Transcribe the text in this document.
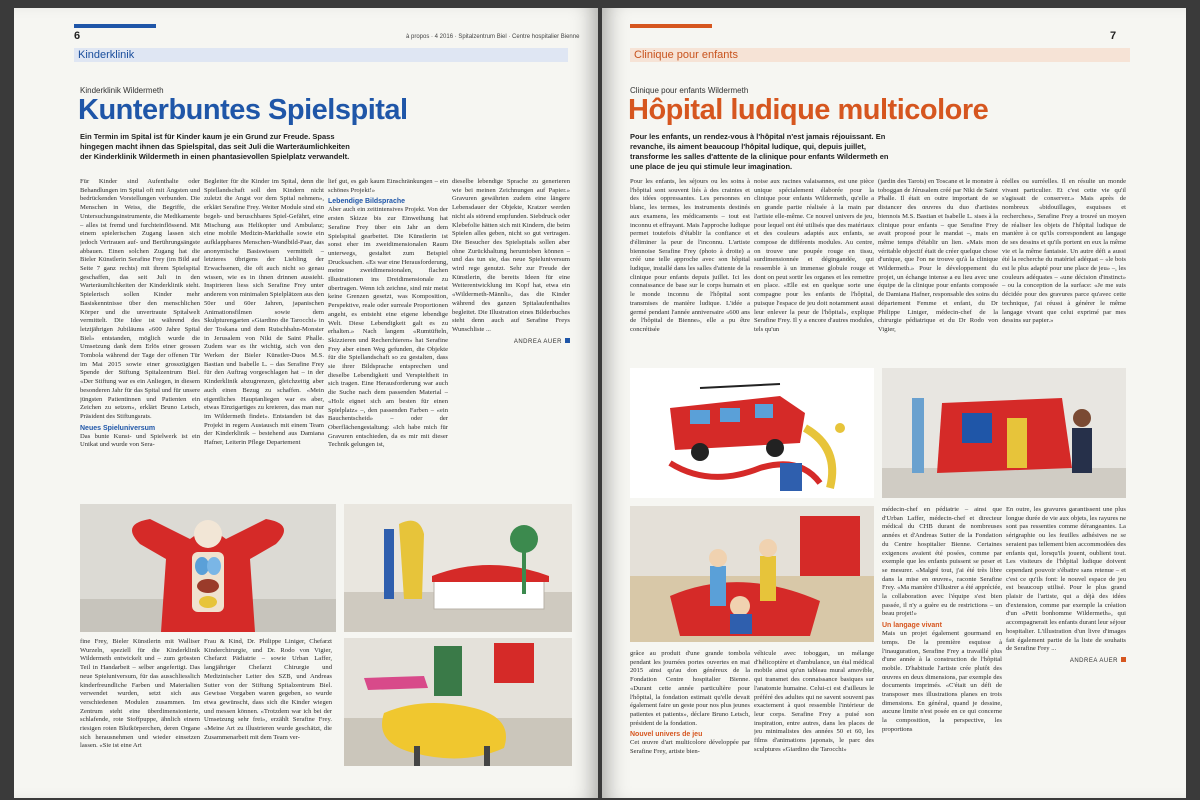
6	à propos · 4 2016 · Spitalzentrum Biel · Centre hospitalier Bienne
Kinderklinik
Kinderklinik Wildermeth
Kunterbuntes Spielspital
Ein Termin im Spital ist für Kinder kaum je ein Grund zur Freude. Spass hingegen macht ihnen das Spielspital, das seit Juli die Warteräumlichkeiten der Kinderklinik Wildermeth in einen phantasievollen Spielplatz verwandelt.
Für Kinder sind Aufenthalte oder Behandlungen im Spital oft mit Ängsten und bedrückenden Vorstellungen verbunden. Die Menschen in Weiss, die Begriffe, die Untersuchungsinstrumente, die Medikamente – alles ist fremd und furchteinflössend. Mit einem spielerischen Zugang lassen sich jedoch Vertrauen auf- und Berührungsängste abbauen. Einen solchen Zugang hat die Bieler Künstlerin Serafine Frey (im Bild auf Seite 7 ganz rechts) mit ihrem Spielspital geschaffen, das seit Juli in den Warteräumlichkeiten der Kinderklinik steht. Spielerisch sollen Kinder mehr Basiskenntnisse über den menschlichen Körper und die unvertraute Spitalwelt vermittelt. Die Idee ist während des letztjährigen Jubiläums «600 Jahre Spital Biel» entstanden, möglich wurde die Umsetzung dank dem Erlös einer grossen Tombola während der Tage der offenen Tür im Mai 2015 sowie einer grosszügigen Spende der Stiftung Spitalzentrum Biel. «Der Stiftung war es ein Anliegen, in diesem besonderen Jahr für das Spital und für unsere jüngsten Patientinnen und Patienten ein Zeichen zu setzen», erklärt Bruno Letsch, Präsident des Stiftungsrats.
Neues Spieluniversum
Das bunte Kunst- und Spielwerk ist ein Unikat und wurde von Sera-
Begleiter für die Kinder im Spital, denn die Spiellandschaft soll den Kindern nicht zuletzt die Angst vor dem Spital nehmen», erklärt Serafine Frey. Weiter Module sind ein begeh- und beruschbares Spiel-Gefährt, eine Mischung aus Helikopter und Ambulanz; eine mobile Medizin-Markthalle sowie ein aufklappbares Menschen-Wandbild-Paar, das anonymische Basiswissen vermittelt – letzteres übrigens der Liebling der Erwachsenen, die oft auch nicht so genau wissen, wie es in ihnen drinnen aussieht. Inspirieren liess sich Serafine Frey unter anderem von minimalen Spielplätzen aus den 50er und 60er Jahren, japanischen Animationsfilmen sowie dem Skulpturengarten «Giardino die Tarocchi» in der Toskana und dem Rutschbahn-Monster in Jerusalem von Niki de Saint Phalle. Zudem war es ihr wichtig, sich von den Werken der Bieler Künstler-Duos M.S. Bastian und Isabelle L. – das Serafine Frey für den Auftrag vorgeschlagen hat – in der Kinderklinik abzugrenzen, gleichzeitig aber auch einen Bezug zu schaffen. «Mein eigentliches Hauptanliegen war es aber, etwas Einzigartiges zu kreieren, das man nur im Wildermeth findet». Entstanden ist das Projekt in regem Austausch mit einem Team der Kinderklinik – bestehend aus Damiana Hafner, Leiterin Pflege Departement
lief gut, es gab kaum Einschränkungen – ein schönes Projekt!»
Lebendige Bildsprache
Aber auch ein zeitintensives Projekt. Von der ersten Skizze bis zur Einweihung hat Serafine Frey über ein Jahr an dem Spielspital gearbeitet. Die Künstlerin ist sonst eher im zweidimensionalen Raum unterwegs, gestaltet zum Beispiel Drucksachen. «Es war eine Herausforderung, meine zweidimensionalen, flachen Illustrationen ins Dreidimensionale zu übertragen. Wenn ich zeichne, sind mir meist keine Grenzen gesetzt, was Komposition, Perspektive, reale oder surreale Proportionen angeht, es entsteht eine eigene lebendige Welt. Diese Lebendigkeit galt es zu erhalten.» Nach langem «Rumtüfteln, Skizzieren und Recherchieren» hat Serafine Frey aber einen Weg gefunden, die Objekte für die Spiellandschaft so zu gestalten, dass sie ihrer Bildsprache entsprechen und dieselbe Lebendigkeit und Verspieltheit in sich tragen. Eine Herausforderung war auch die Suche nach dem passenden Material – «Holz eignet sich am besten für einen Spielplatz» –, den passenden Farben – «ein Bauchentscheid» – oder der Oberflächengestaltung: «Ich habe mich für Gravuren entschieden, da es mir mit dieser Technik gelungen ist,
dieselbe lebendige Sprache zu generieren wie bei meinen Zeichnungen auf Papier.» Gravuren gewährten zudem eine längere Lebensdauer der Objekte, Kratzer werden nicht als störend empfunden. Siebdruck oder Klebefolie hätten sich mit Kindern, die beim Spielen alles geben, nicht so gut vertragen. Die Besucher des Spielspitals sollen aber ohne Zurückhaltung herumtoben können – und das tun sie, das neue Spieluniversum wird rege genutzt. Sehr zur Freude der Künstlerin, die bereits Ideen für eine Weiterentwicklung im Kopf hat, etwa ein «Wildermeth-Männli», das die Kinder während des ganzen Spitalaufenthaltes begleitet. Die Illustration eines Bilderbuches steht denn auch auf Serafine Freys Wunschliste ...
ANDREA AUER
fine Frey, Bieler Künstlerin mit Walliser Wurzeln, speziell für die Kinderklinik Wildermeth entwickelt und – zum grössten Teil in Handarbeit – selber angefertigt. Das neue Spieluniversum, für das ausschliesslich kinderfreundliche Farben und Materialien verwendet wurden, setzt sich aus verschiedenen Modulen zusammen. Im Zentrum steht eine überdimensionierte, schlafende, rote Stoffpuppe, ähnlich einem riesigen roten Blutkörperchen, deren Organe sich herausnehmen und wieder einsetzen lassen. «Sie ist eine Art
Frau & Kind, Dr. Philippe Liniger, Chefarzt Kinderchirurgie, und Dr. Rodo von Vigier, Chefarzt Pädiatrie – sowie Urban Laffer, langjähriger Chefarzt Chirurgie und Medizinischer Leiter des SZB, und Andreas Sutter von der Stiftung Spitalzentrum Biel. Gewisse Vorgaben waren gegeben, so wurde etwa gewünscht, dass sich die Kinder wiegen und messen können. «Trotzdem war ich bei der Umsetzung sehr frei», erzählt Serafine Frey. «Meine Art zu illustrieren wurde geschätzt, die Zusammenarbeit mit dem Team ver-
7
Clinique pour enfants
Clinique pour enfants Wildermeth
Hôpital ludique multicolore
Pour les enfants, un rendez-vous à l'hôpital n'est jamais réjouissant. En revanche, ils aiment beaucoup l'hôpital ludique, qui, depuis juillet, transforme les salles d'attente de la clinique pour enfants Wildermeth en une place de jeu qui stimule leur imagination.
Pour les enfants, les séjours ou les soins à l'hôpital sont souvent liés à des craintes et des idées oppressantes. Les personnes en blanc, les termes, les instruments destinés aux examens, les médicaments – tout est inconnu et effrayant. Mais l'approche ludique permet toutefois d'établir la confiance et d'éliminer la peur de l'inconnu. L'artiste biennoise Serafine Frey (photo à droite) a créé une telle approche avec son hôpital ludique, installé dans les salles d'attente de la clinique pour enfants depuis juillet. Ici les connaissance de base sur le corps humain et le monde inconnu de l'hôpital sont transmises de manière ludique. L'idée a germé pendant l'année anniversaire «600 ans de l'hôpital de Bienne», elle a pu être concrétisée
noise aux racines valaisannes, est une pièce unique spécialement élaborée pour la clinique pour enfants Wildermeth, qu'elle a en grande partie réalisée à la main par l'artiste elle-même. Ce nouvel univers de jeu, pour lequel ont été utilisés que des matériaux et des couleurs adaptés aux enfants, se compose de différents modules. Au centre, on trouve une poupée rouge en tissu, surdimensionnée et dégingandée, qui ressemble à un immense globule rouge et dont on peut sortir les organes et les remettre en place. «Elle est en quelque sorte une compagne pour les enfants de l'hôpital, puisque l'espace de jeu doit notamment aussi leur enlever la peur de l'hôpital», explique Serafine Frey. Il y a encore d'autres modules, tels qu'un
(jardin des Tarots) en Toscane et le monstre à toboggan de Jérusalem créé par Niki de Saint Phalle. Il était en outre important de se distancer des œuvres du duo d'artistes biennois M.S. Bastian et Isabelle L. sises à la clinique pour enfants – que Serafine Frey avait proposé pour le mandat –, mais en même temps d'établir un lien. «Mais mon véritable objectif était de créer quelque chose d'unique, que l'on ne trouve qu'à la clinique Wildermeth.» Pour le développement du projet, un échange intense a eu lieu avec une équipe de la clinique pour enfants composée de Damiana Hafner, responsable des soins du département Femme et enfant, du Dr Philippe Liniger, médecin-chef de la chirurgie pédiatrique et du Dr Rodo von Vigier,
réelles ou surréelles. Il en résulte un monde vivant particulier. Et c'est cette vie qu'il s'agissait de conserver.» Mais après de nombreux «bidouillages, esquisses et recherches», Serafine Frey a trouvé un moyen de réaliser les objets de l'hôpital ludique de manière à ce qu'ils correspondent au langage de ses dessins et qu'ils portent en eux la même vie et la même fantaisie. Un autre défi a aussi été la recherche du matériel adéquat – «le bois est le plus adapté pour une place de jeu» –, les couleurs adéquates – «une décision d'instinct» – ou la conception de la surface: «Je me suis décidée pour des gravures parce qu'avec cette technique, j'ai réussi à générer le même langage vivant que celui exprimé par mes dessins sur papier.»
grâce au produit d'une grande tombola pendant les journées portes ouvertes en mai 2015 ainsi qu'au don généreux de la Fondation Centre hospitalier Bienne. «Durant cette année particulière pour l'hôpital, la fondation estimait qu'elle devait également faire un geste pour nos plus jeunes patientes et patients», déclare Bruno Letsch, président de la fondation.
Nouvel univers de jeu
Cet œuvre d'art multicolore développée par Serafine Frey, artiste bien-
véhicule avec toboggan, un mélange d'hélicoptère et d'ambulance, un étal médical mobile ainsi qu'un tableau mural amovible, qui transmet des connaissance basiques sur l'anatomie humaine. Celui-ci est d'ailleurs le préféré des adultes qui ne savent souvent pas exactement à quoi ressemble l'intérieur de leur corps. Serafine Frey a puisé son inspiration, entre autres, dans les places de jeu minimalistes des années 50 et 60, les films d'animations japonais, le parc des sculptures «Giardino die Tarocchi»
médecin-chef en pédiatrie – ainsi que d'Urban Laffer, médecin-chef et directeur médical du CHB durant de nombreuses années et d'Andreas Sutter de la Fondation du Centre hospitalier Bienne. Certaines exigences avaient été posées, comme par exemple que les enfants puissent se peser et se mesurer. «Malgré tout, j'ai été très libre dans la mise en œuvre», raconte Serafine Frey. «Ma manière d'illustrer a été appréciée, la collaboration avec l'équipe s'est bien passée, il n'y a guère eu de restrictions – un beau projet!»
Un langage vivant
Mais un projet également gourmand en temps. De la première esquisse à l'inauguration, Serafine Frey a travaillé plus d'une année à la construction de l'hôpital mobile. D'habitude l'artiste crée plutôt des œuvres en deux dimensions, par exemple des documents imprimés. «C'était un défi de transposer mes illustrations planes en trois dimensions. En général, quand je dessine, aucune limite n'est posée en ce qui concerne la composition, la perspective, les proportions
En outre, les gravures garantissent une plus longue durée de vie aux objets, les rayures ne sont pas ressenties comme dérangeantes. La sérigraphie ou les feuilles adhésives ne se seraient pas tellement bien accommodées des enfants qui, lorsqu'ils jouent, oublient tout. Les visiteurs de l'hôpital ludique doivent cependant pouvoir s'ébattre sans retenue – et c'est ce qu'ils font: le nouvel espace de jeu est beaucoup utilisé. Pour le plus grand plaisir de l'artiste, qui a déjà des idées d'extension, comme par exemple la création d'un «Petit bonhomme Wildermeth», qui accompagnerait les enfants durant leur séjour hospitalier. L'illustration d'un livre d'images fait également partie de la liste de souhaits de Serafine Frey ...
ANDREA AUER
